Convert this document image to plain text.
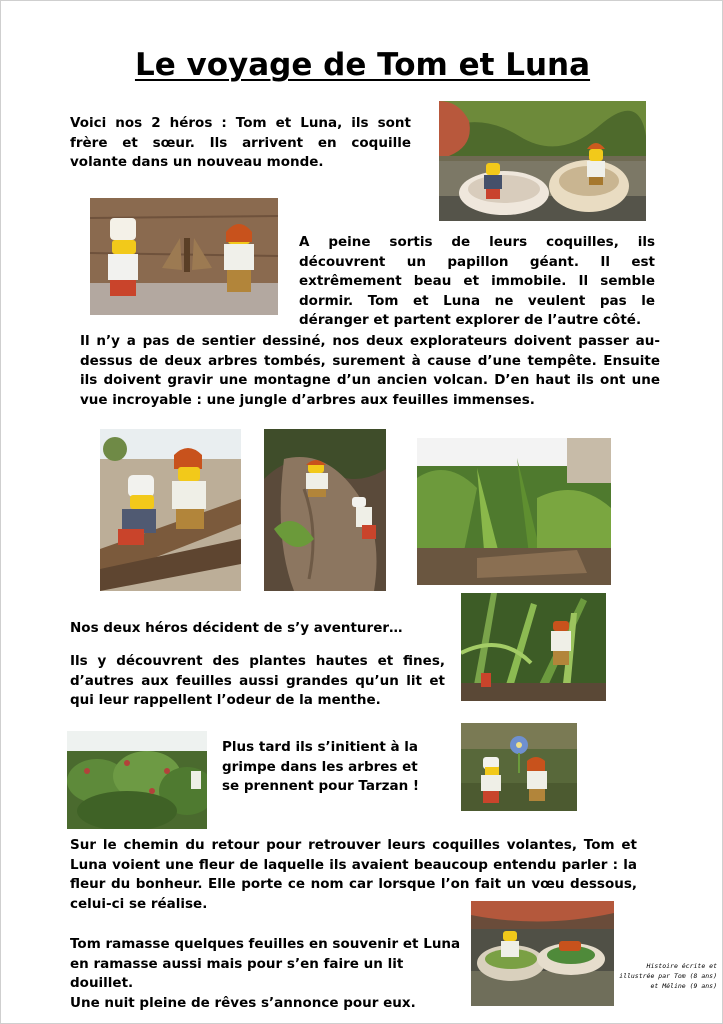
Le voyage de Tom et Luna

Voici nos 2 héros : Tom et Luna, ils sont frère et sœur. Ils arrivent en coquille volante dans un nouveau monde.

A peine sortis de leurs coquilles, ils découvrent un papillon géant. Il est extrêmement beau et immobile. Il semble dormir. Tom et Luna ne veulent pas le déranger et partent explorer de l’autre côté.

Il n’y a pas de sentier dessiné, nos deux explorateurs doivent passer au-dessus de deux arbres tombés, surement à cause d’une tempête. Ensuite ils doivent gravir une montagne d’un ancien volcan. D’en haut ils ont une vue incroyable : une jungle d’arbres aux feuilles immenses.

Nos deux héros décident de s’y aventurer…

Ils y découvrent des plantes hautes et fines, d’autres aux feuilles aussi grandes qu’un lit et qui leur rappellent l’odeur de la menthe.

Plus tard ils s’initient à la grimpe dans les arbres et se prennent pour Tarzan !

Sur le chemin du retour pour retrouver leurs coquilles volantes, Tom et Luna voient une fleur de laquelle ils avaient beaucoup entendu parler : la fleur du bonheur. Elle porte ce nom car lorsque l’on fait un vœu dessous, celui-ci se réalise.

Tom ramasse quelques feuilles en souvenir et Luna en ramasse aussi mais pour s’en faire un lit douillet.
Une nuit pleine de rêves s’annonce pour eux.

Histoire écrite et illustrée par Tom (8 ans) et Méline (9 ans)
